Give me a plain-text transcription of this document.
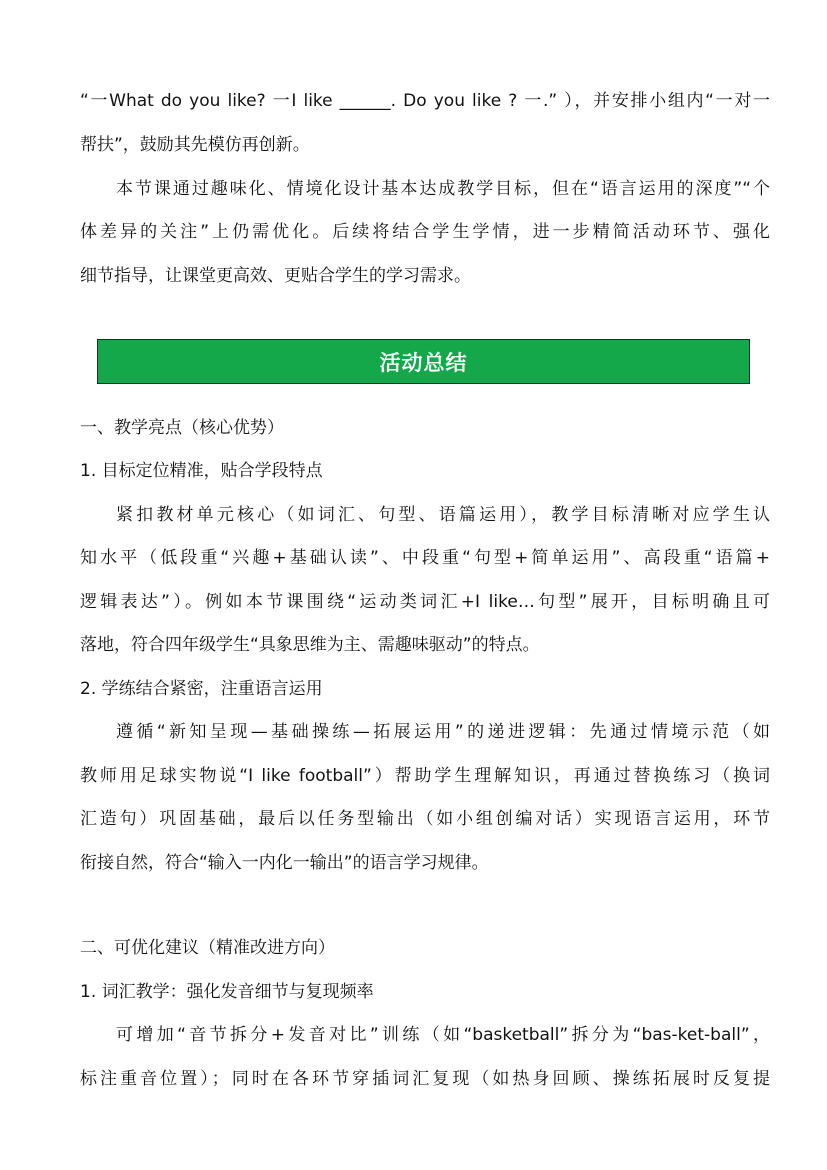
“一What do you like? 一I like ______. Do you like ? 一.” ），并安排小组内“一对一
帮扶”，鼓励其先模仿再创新。
本节课通过趣味化、情境化设计基本达成教学目标，但在“语言运用的深度”“个
体差异的关注”上仍需优化。后续将结合学生学情，进一步精简活动环节、强化
细节指导，让课堂更高效、更贴合学生的学习需求。
活动总结
一、教学亮点（核心优势）
1. 目标定位精准，贴合学段特点
紧扣教材单元核心（如词汇、句型、语篇运用），教学目标清晰对应学生认
知水平（低段重“兴趣+基础认读”、中段重“句型+简单运用”、高段重“语篇+
逻辑表达”）。例如本节课围绕“运动类词汇+I like…句型”展开，目标明确且可
落地，符合四年级学生“具象思维为主、需趣味驱动”的特点。
2. 学练结合紧密，注重语言运用
遵循“新知呈现—基础操练—拓展运用”的递进逻辑：先通过情境示范（如
教师用足球实物说“I like football”）帮助学生理解知识，再通过替换练习（换词
汇造句）巩固基础，最后以任务型输出（如小组创编对话）实现语言运用，环节
衔接自然，符合“输入一内化一输出”的语言学习规律。
二、可优化建议（精准改进方向）
1. 词汇教学：强化发音细节与复现频率
可增加“音节拆分+发音对比”训练（如“basketball”拆分为“bas-ket-ball”，
标注重音位置）；同时在各环节穿插词汇复现（如热身回顾、操练拓展时反复提
